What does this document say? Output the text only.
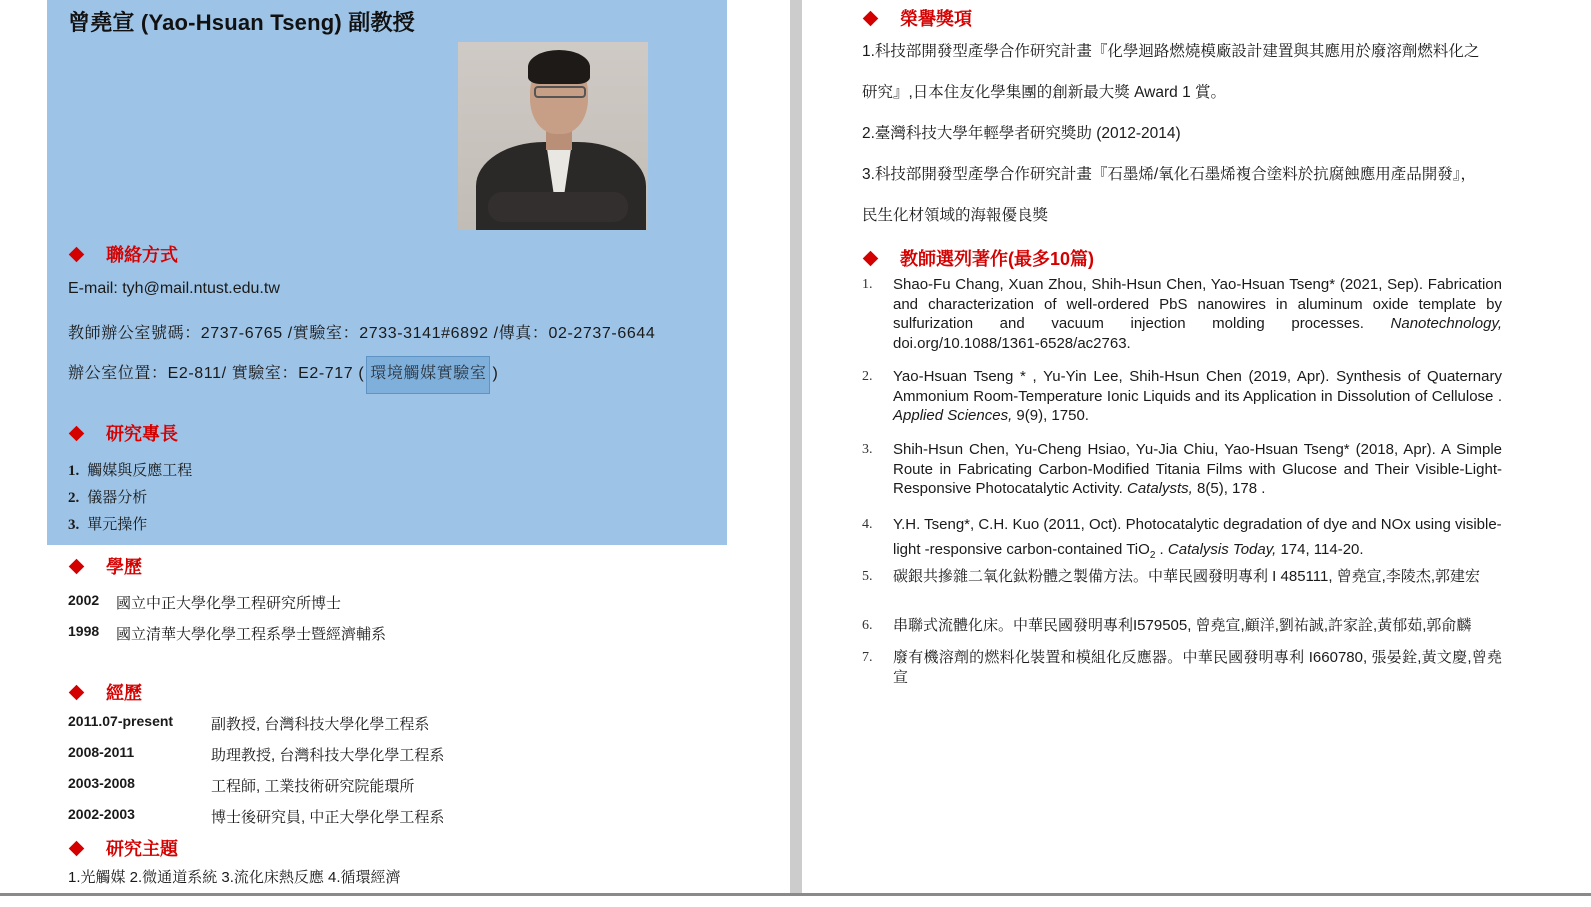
曾堯宣 (Yao-Hsuan Tseng) 副教授
聯絡方式
E-mail: tyh@mail.ntust.edu.tw
教師辦公室號碼：2737-6765 /實驗室：2733-3141#6892 /傳真：02-2737-6644
辦公室位置：E2-811/ 實驗室：E2-717 ( 環境觸媒實驗室 )
研究專長
1. 觸媒與反應工程
2. 儀器分析
3. 單元操作
學歷
2002	國立中正大學化學工程研究所博士
1998	國立清華大學化學工程系學士暨經濟輔系
經歷
2011.07-present	副教授, 台灣科技大學化學工程系
2008-2011	助理教授, 台灣科技大學化學工程系
2003-2008	工程師, 工業技術研究院能環所
2002-2003	博士後研究員, 中正大學化學工程系
研究主題
1.光觸媒 2.微通道系統 3.流化床熱反應 4.循環經濟
榮譽獎項
1.科技部開發型產學合作研究計畫『化學迴路燃燒模廠設計建置與其應用於廢溶劑燃料化之
研究』,日本住友化學集團的創新最大獎 Award 1 賞。
2.臺灣科技大學年輕學者研究獎助 (2012-2014)
3.科技部開發型產學合作研究計畫『石墨烯/氧化石墨烯複合塗料於抗腐蝕應用產品開發』，
民生化材領域的海報優良獎
教師選列著作(最多10篇)
1.	Shao-Fu Chang, Xuan Zhou, Shih-Hsun Chen, Yao-Hsuan Tseng* (2021, Sep). Fabrication and characterization of well-ordered PbS nanowires in aluminum oxide template by sulfurization and vacuum injection molding processes. Nanotechnology, doi.org/10.1088/1361-6528/ac2763.
2.	Yao-Hsuan Tseng * , Yu-Yin Lee, Shih-Hsun Chen (2019, Apr). Synthesis of Quaternary Ammonium Room-Temperature Ionic Liquids and its Application in Dissolution of Cellulose . Applied Sciences, 9(9), 1750.
3.	Shih-Hsun Chen, Yu-Cheng Hsiao, Yu-Jia Chiu, Yao-Hsuan Tseng* (2018, Apr). A Simple Route in Fabricating Carbon-Modified Titania Films with Glucose and Their Visible-Light-Responsive Photocatalytic Activity. Catalysts, 8(5), 178 .
4.	Y.H. Tseng*, C.H. Kuo (2011, Oct). Photocatalytic degradation of dye and NOx using visible-light -responsive carbon-contained TiO$_2$ . Catalysis Today, 174, 114-20.
5.	碳銀共摻雜二氧化鈦粉體之製備方法。中華民國發明專利 I 485111, 曾堯宣,李陵杰,郭建宏
6.	串聯式流體化床。中華民國發明專利I579505, 曾堯宣,顧洋,劉祐誠,許家詮,黃郁茹,郭俞麟
7.	廢有機溶劑的燃料化裝置和模組化反應器。中華民國發明專利 I660780, 張晏銓,黃文慶,曾堯宣
